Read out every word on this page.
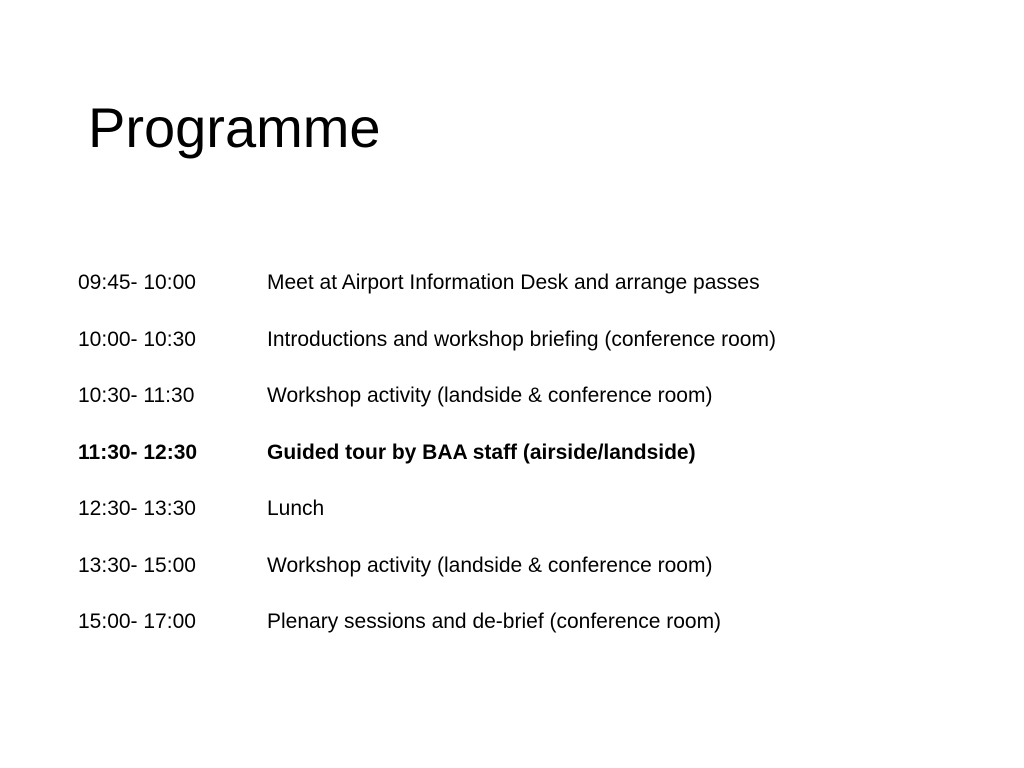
Programme
09:45- 10:00	Meet at Airport Information Desk and arrange passes
10:00- 10:30	Introductions and workshop briefing (conference room)
10:30- 11:30	Workshop activity (landside & conference room)
11:30- 12:30	Guided tour by BAA staff (airside/landside)
12:30- 13:30	Lunch
13:30- 15:00	Workshop activity (landside & conference room)
15:00- 17:00	Plenary sessions and de-brief (conference room)
